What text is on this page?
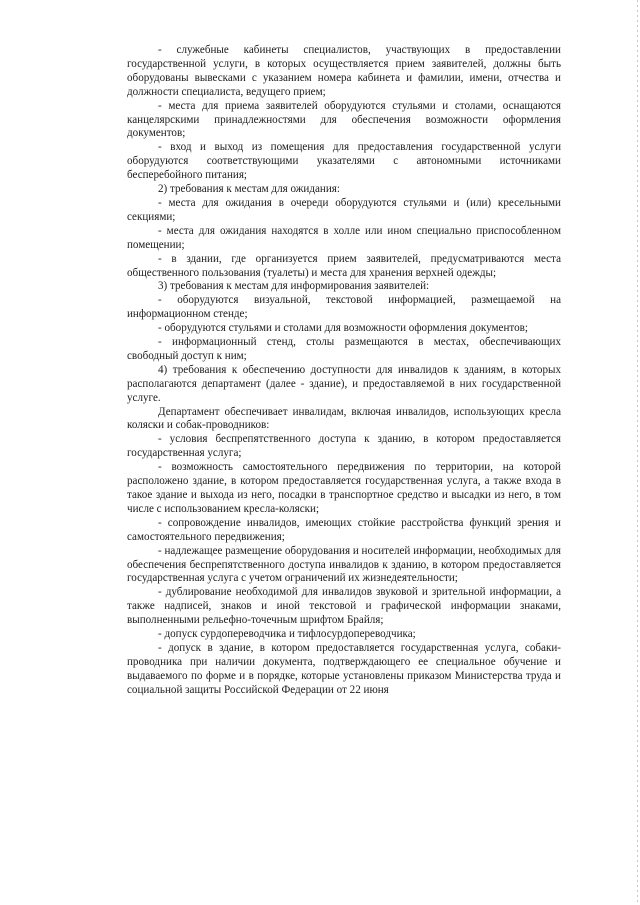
- служебные кабинеты специалистов, участвующих в предоставлении государственной услуги, в которых осуществляется прием заявителей, должны быть оборудованы вывесками с указанием номера кабинета и фамилии, имени, отчества и должности специалиста, ведущего прием;

- места для приема заявителей оборудуются стульями и столами, оснащаются канцелярскими принадлежностями для обеспечения возможности оформления документов;

- вход и выход из помещения для предоставления государственной услуги оборудуются соответствующими указателями с автономными источниками бесперебойного питания;

2) требования к местам для ожидания:

- места для ожидания в очереди оборудуются стульями и (или) кресельными секциями;

- места для ожидания находятся в холле или ином специально приспособленном помещении;

- в здании, где организуется прием заявителей, предусматриваются места общественного пользования (туалеты) и места для хранения верхней одежды;

3) требования к местам для информирования заявителей:

- оборудуются визуальной, текстовой информацией, размещаемой на информационном стенде;

- оборудуются стульями и столами для возможности оформления документов;

- информационный стенд, столы размещаются в местах, обеспечивающих свободный доступ к ним;

4) требования к обеспечению доступности для инвалидов к зданиям, в которых располагаются департамент (далее - здание), и предоставляемой в них государственной услуге.

Департамент обеспечивает инвалидам, включая инвалидов, использующих кресла коляски и собак-проводников:

- условия беспрепятственного доступа к зданию, в котором предоставляется государственная услуга;

- возможность самостоятельного передвижения по территории, на которой расположено здание, в котором предоставляется государственная услуга, а также входа в такое здание и выхода из него, посадки в транспортное средство и высадки из него, в том числе с использованием кресла-коляски;

- сопровождение инвалидов, имеющих стойкие расстройства функций зрения и самостоятельного передвижения;

- надлежащее размещение оборудования и носителей информации, необходимых для обеспечения беспрепятственного доступа инвалидов к зданию, в котором предоставляется государственная услуга с учетом ограничений их жизнедеятельности;

- дублирование необходимой для инвалидов звуковой и зрительной информации, а также надписей, знаков и иной текстовой и графической информации знаками, выполненными рельефно-точечным шрифтом Брайля;

- допуск сурдопереводчика и тифлосурдопереводчика;

- допуск в здание, в котором предоставляется государственная услуга, собаки-проводника при наличии документа, подтверждающего ее специальное обучение и выдаваемого по форме и в порядке, которые установлены приказом Министерства труда и социальной защиты Российской Федерации от 22 июня
